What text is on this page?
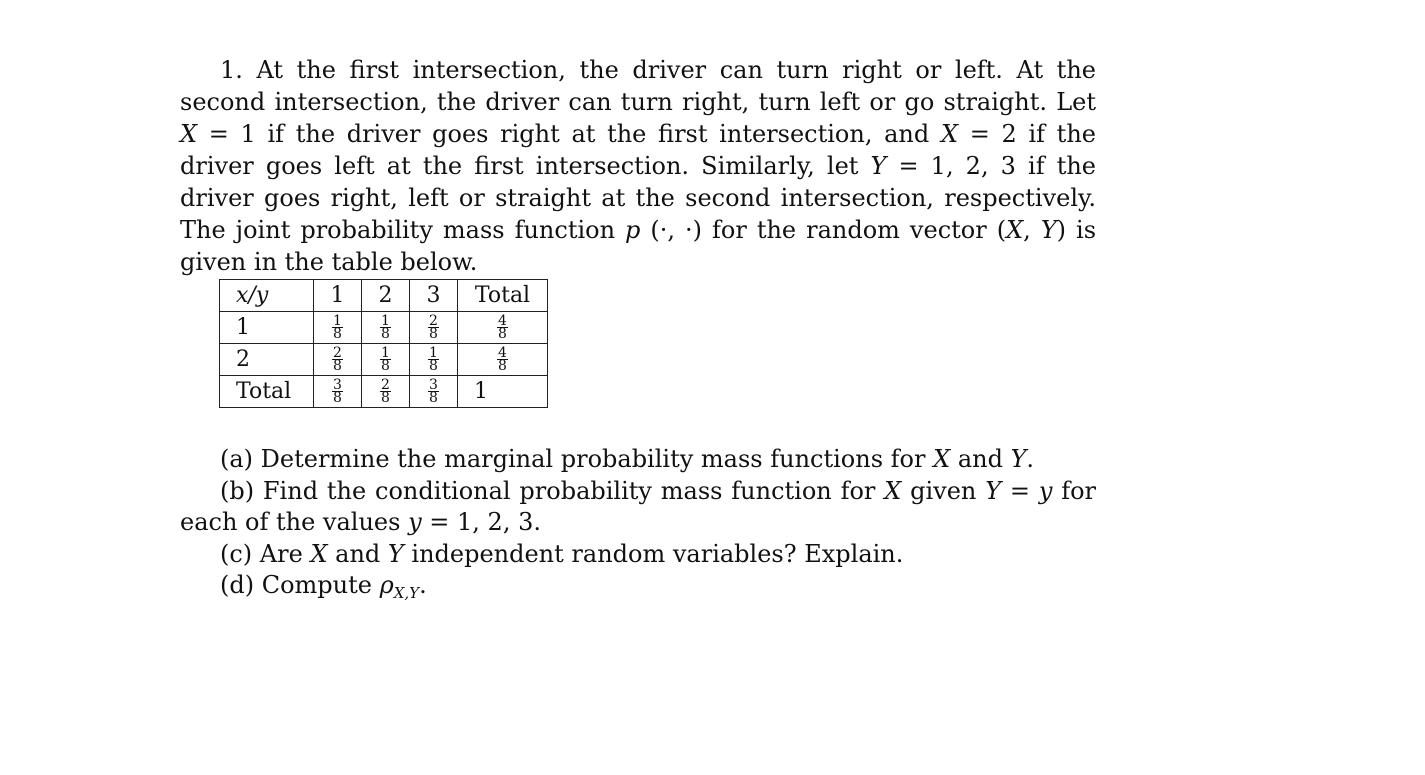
1. At the first intersection, the driver can turn right or left. At the second intersection, the driver can turn right, turn left or go straight. Let X = 1 if the driver goes right at the first intersection, and X = 2 if the driver goes left at the first intersection. Similarly, let Y = 1, 2, 3 if the driver goes right, left or straight at the second intersection, respectively. The joint probability mass function p (·, ·) for the random vector (X, Y) is given in the table below.
x/y	1	2	3	Total
1	$\frac{1}{8}$	$\frac{1}{8}$	$\frac{2}{8}$	$\frac{4}{8}$

2	$\frac{2}{8}$	$\frac{1}{8}$	$\frac{1}{8}$	$\frac{4}{8}$

Total	$\frac{3}{8}$	$\frac{2}{8}$	$\frac{3}{8}$	1
(a) Determine the marginal probability mass functions for X and Y.
(b) Find the conditional probability mass function for X given Y = y for
each of the values y = 1, 2, 3.
(c) Are X and Y independent random variables? Explain.
(d) Compute $\rho_{X,Y}$.
